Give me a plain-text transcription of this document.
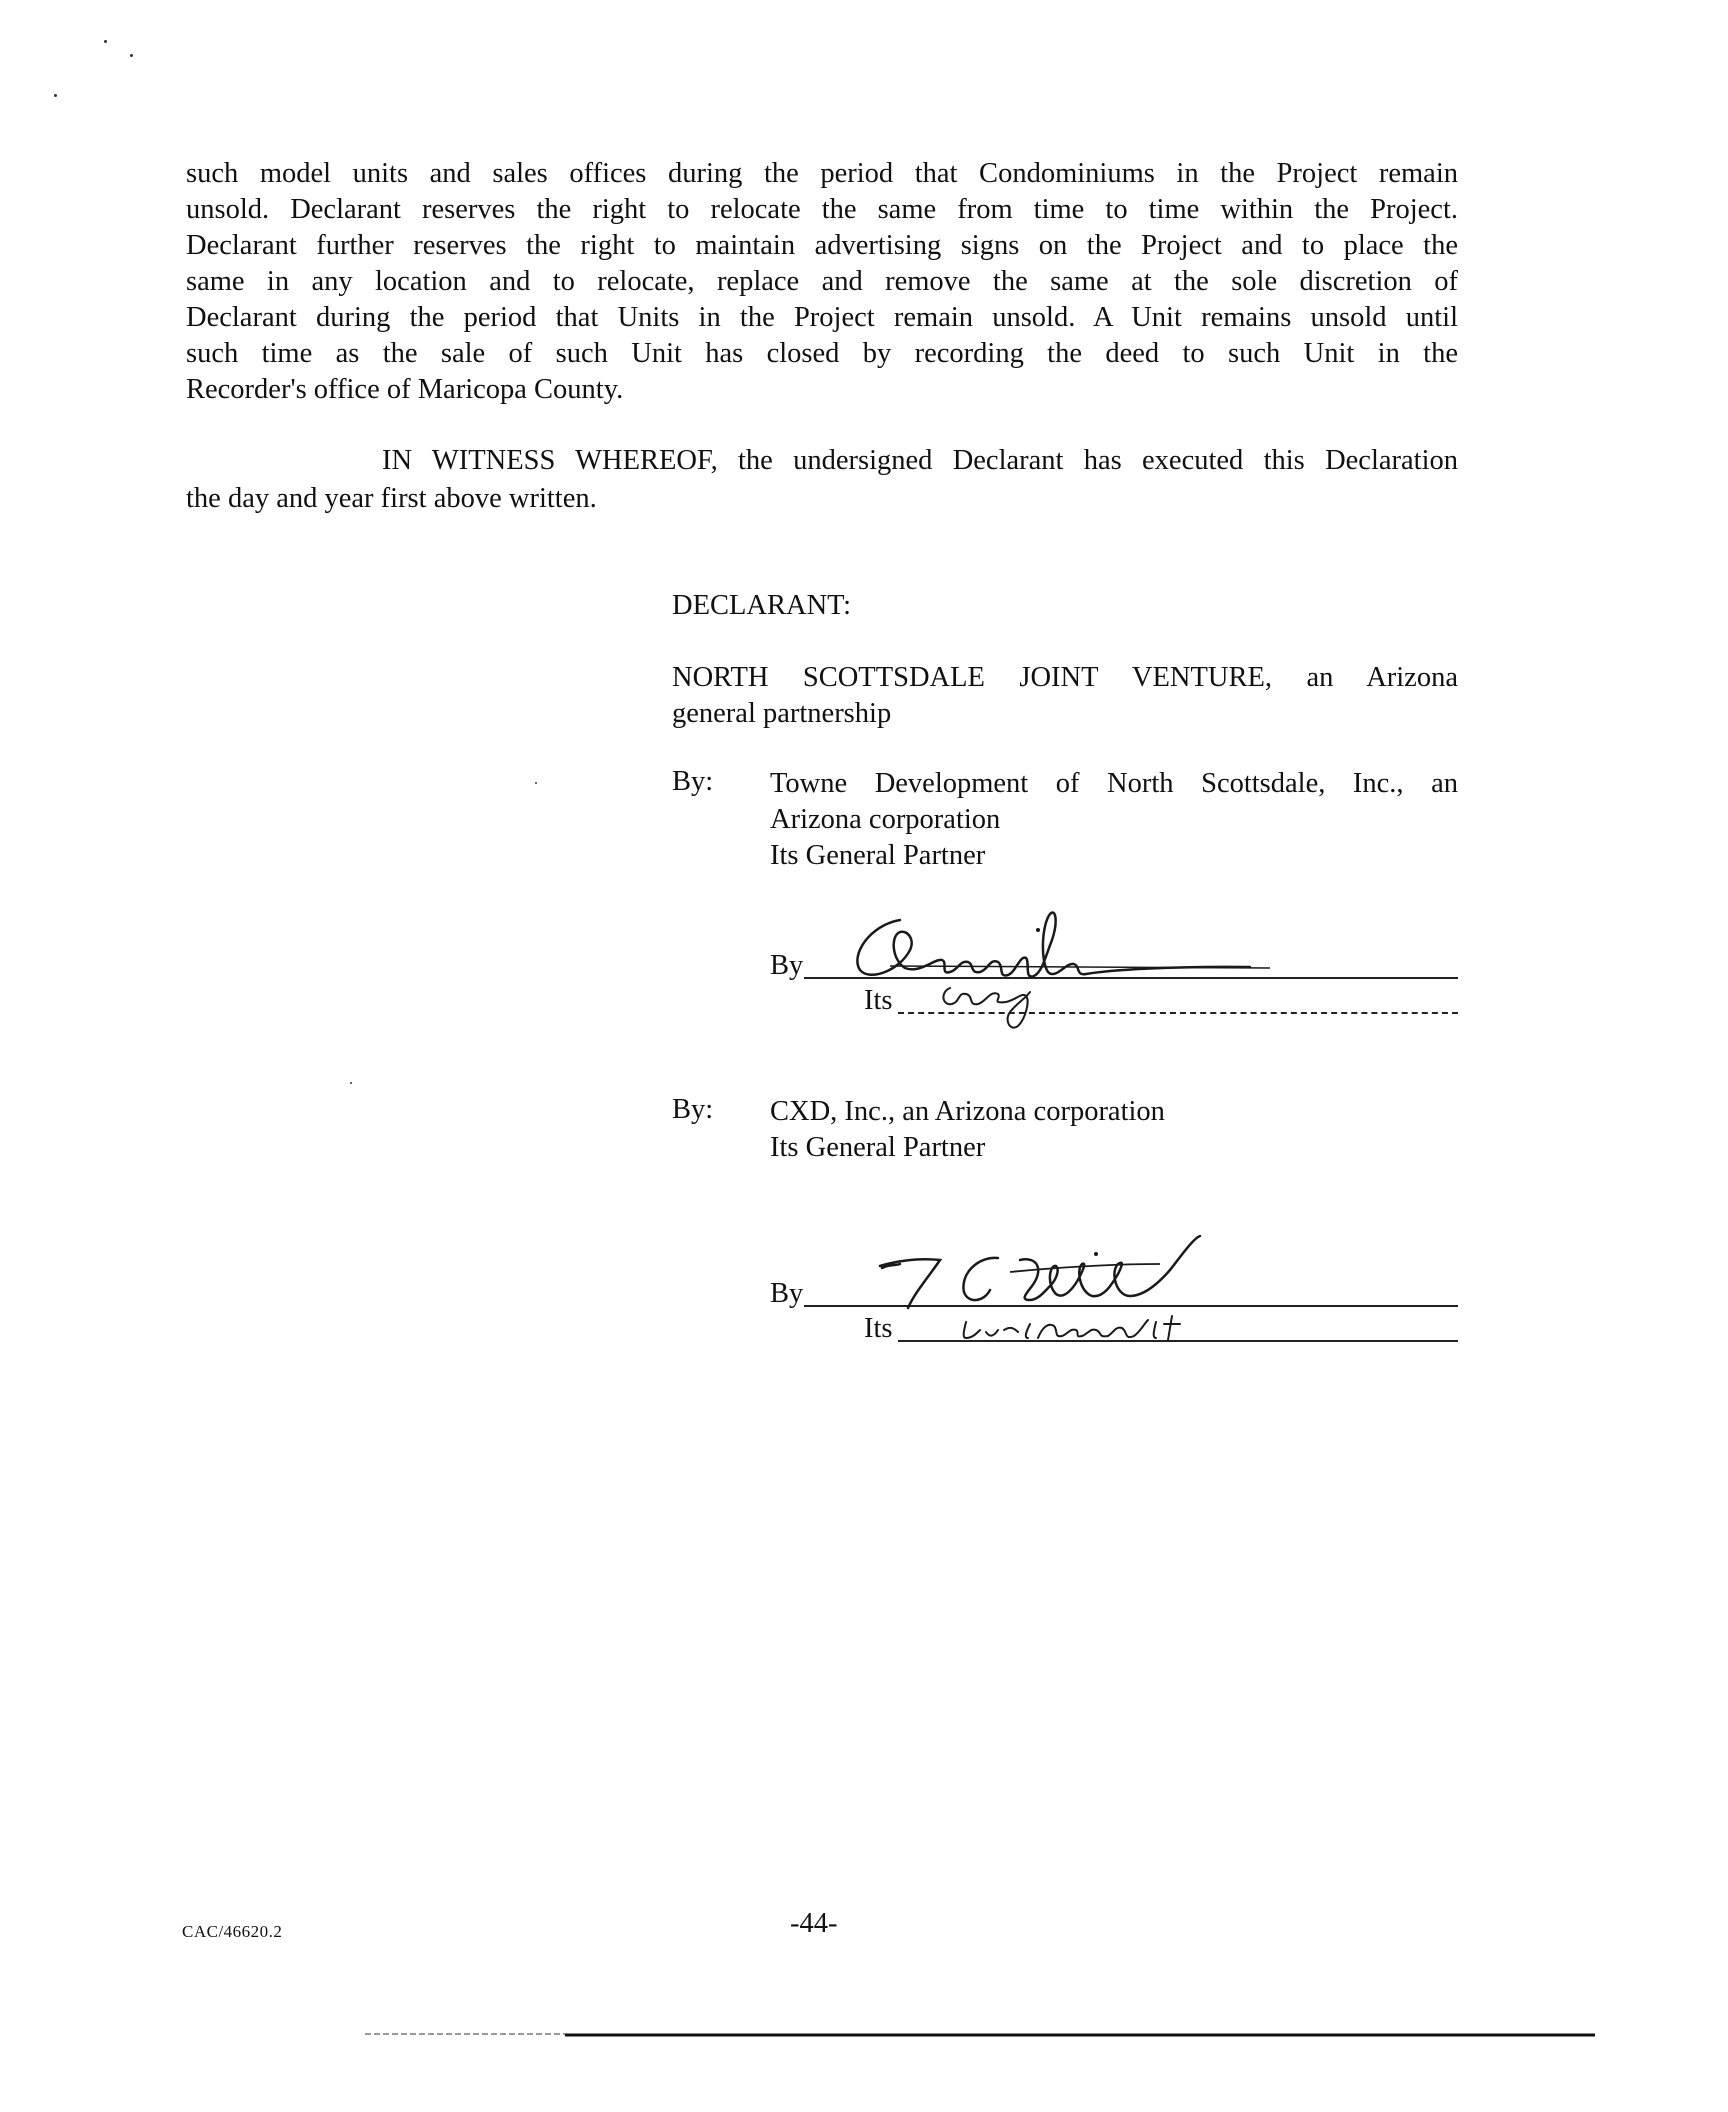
such model units and sales offices during the period that Condominiums in the Project remain
unsold. Declarant reserves the right to relocate the same from time to time within the Project.
Declarant further reserves the right to maintain advertising signs on the Project and to place the
same in any location and to relocate, replace and remove the same at the sole discretion of
Declarant during the period that Units in the Project remain unsold. A Unit remains unsold until
such time as the sale of such Unit has closed by recording the deed to such Unit in the
Recorder's office of Maricopa County.
IN WITNESS WHEREOF, the undersigned Declarant has executed this Declaration
the day and year first above written.
DECLARANT:
NORTH SCOTTSDALE JOINT VENTURE, an Arizona
general partnership
By: Towne Development of North Scottsdale, Inc., an
Arizona corporation
Its General Partner
By
Its
By: CXD, Inc., an Arizona corporation
Its General Partner
By
Its
CAC/46620.2	-44-
